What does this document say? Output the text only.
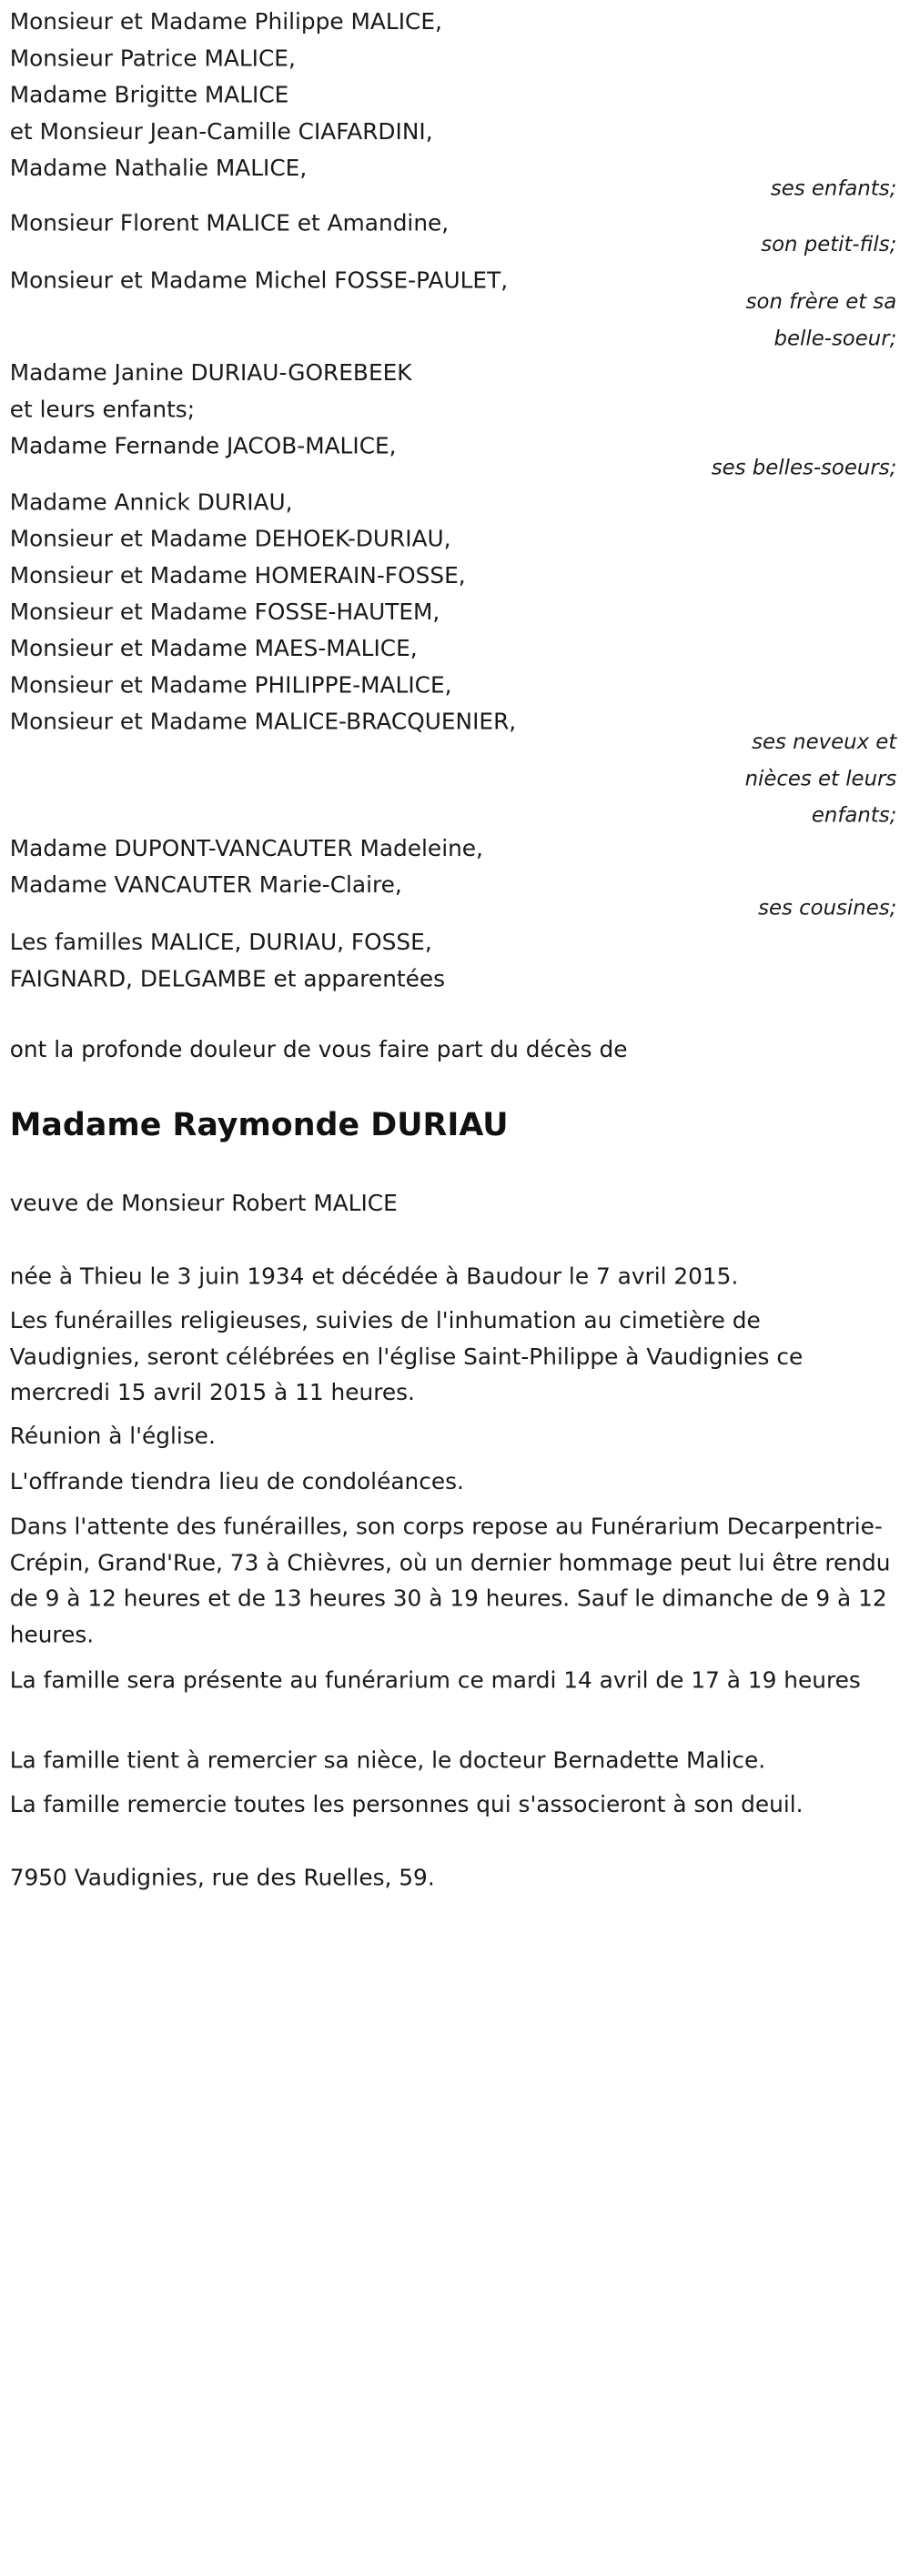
Monsieur et Madame Philippe MALICE,
Monsieur Patrice MALICE,
Madame Brigitte MALICE
et Monsieur Jean-Camille CIAFARDINI,
Madame Nathalie MALICE,
ses enfants;
Monsieur Florent MALICE et Amandine,
son petit-fils;
Monsieur et Madame Michel FOSSE-PAULET,
son frère et sa belle-soeur;
Madame Janine DURIAU-GOREBEEK
et leurs enfants;
Madame Fernande JACOB-MALICE,
ses belles-soeurs;
Madame Annick DURIAU,
Monsieur et Madame DEHOEK-DURIAU,
Monsieur et Madame HOMERAIN-FOSSE,
Monsieur et Madame FOSSE-HAUTEM,
Monsieur et Madame MAES-MALICE,
Monsieur et Madame PHILIPPE-MALICE,
Monsieur et Madame MALICE-BRACQUENIER,
ses neveux et nièces et leurs enfants;
Madame DUPONT-VANCAUTER Madeleine,
Madame VANCAUTER Marie-Claire,
ses cousines;
Les familles MALICE, DURIAU, FOSSE,
FAIGNARD, DELGAMBE et apparentées
ont la profonde douleur de vous faire part du décès de
Madame Raymonde DURIAU
veuve de Monsieur Robert MALICE
née à Thieu le 3 juin 1934 et décédée à Baudour le 7 avril 2015.
Les funérailles religieuses, suivies de l'inhumation au cimetière de Vaudignies, seront célébrées en l'église Saint-Philippe à Vaudignies ce mercredi 15 avril 2015 à 11 heures.
Réunion à l'église.
L'offrande tiendra lieu de condoléances.
Dans l'attente des funérailles, son corps repose au Funérarium Decarpentrie-Crépin, Grand'Rue, 73 à Chièvres, où un dernier hommage peut lui être rendu de 9 à 12 heures et de 13 heures 30 à 19 heures. Sauf le dimanche de 9 à 12 heures.
La famille sera présente au funérarium ce mardi 14 avril de 17 à 19 heures
La famille tient à remercier sa nièce, le docteur Bernadette Malice.
La famille remercie toutes les personnes qui s'associeront à son deuil.
7950 Vaudignies, rue des Ruelles, 59.
